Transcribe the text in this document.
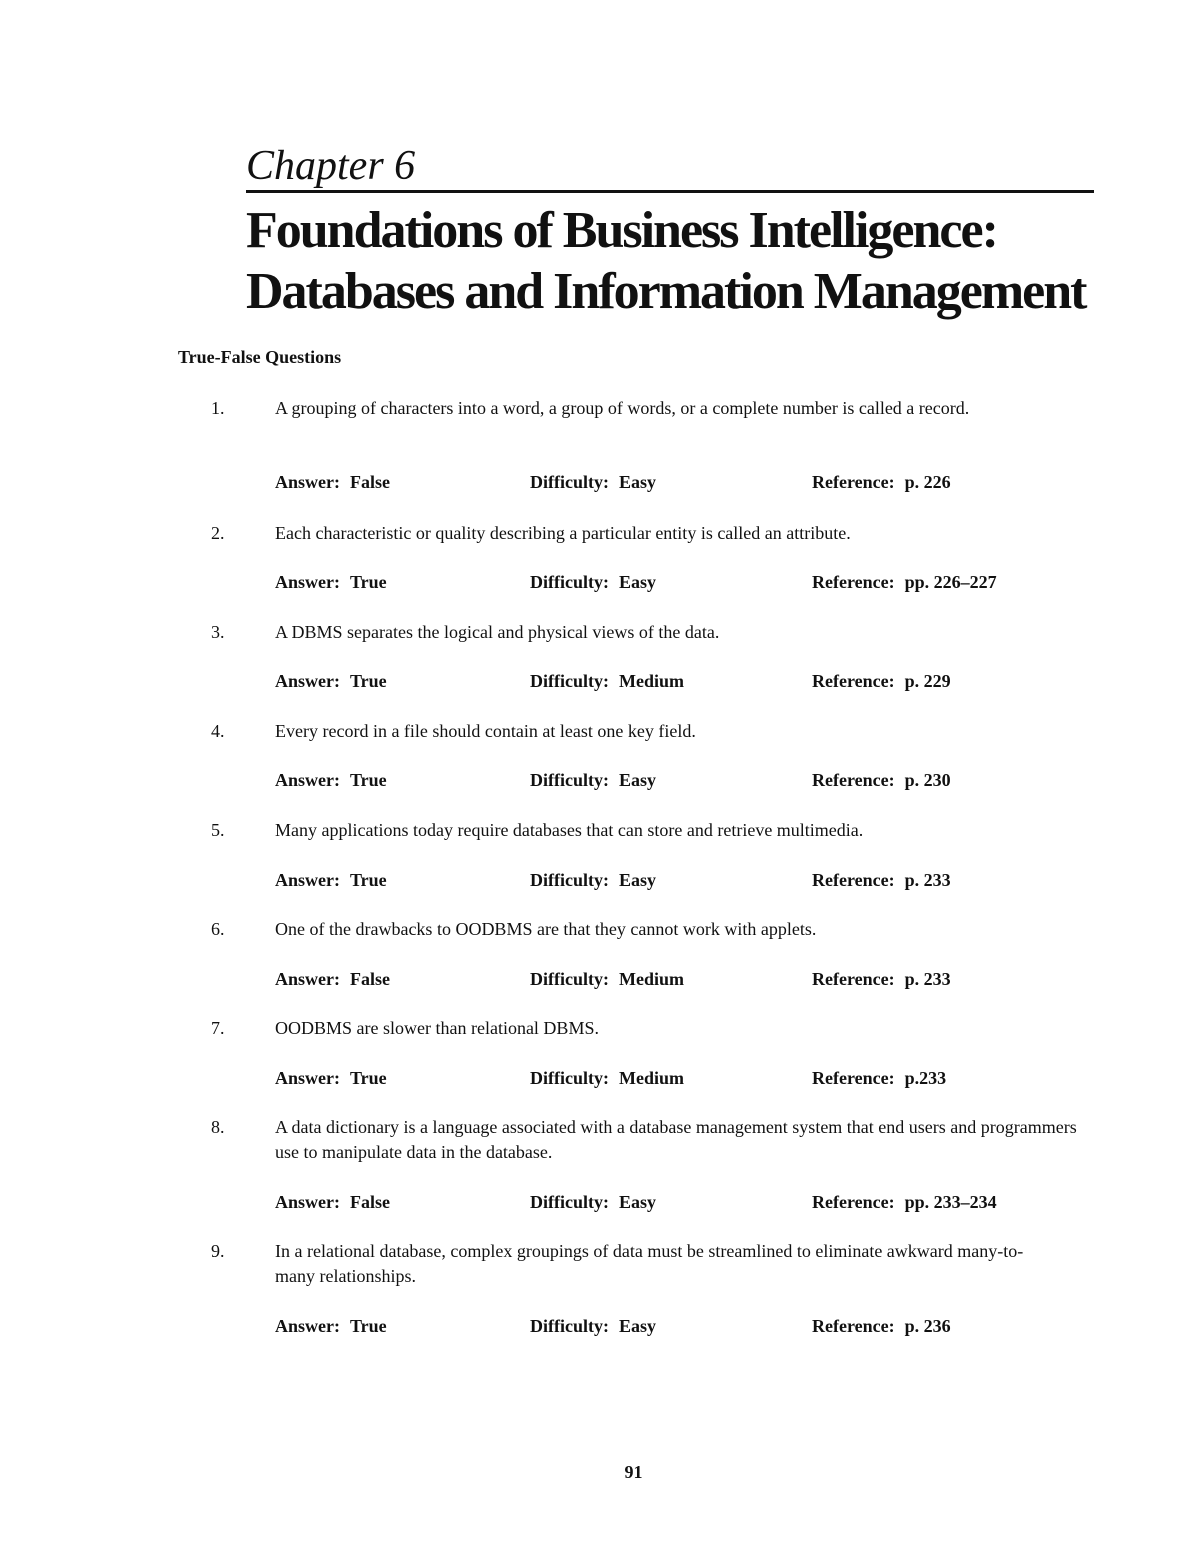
Chapter 6
Foundations of Business Intelligence:
Databases and Information Management
True-False Questions
1.	A grouping of characters into a word, a group of words, or a complete number is called a record.
Answer: False	Difficulty: Easy	Reference: p. 226
2.	Each characteristic or quality describing a particular entity is called an attribute.
Answer: True	Difficulty: Easy	Reference: pp. 226–227
3.	A DBMS separates the logical and physical views of the data.
Answer: True	Difficulty: Medium	Reference: p. 229
4.	Every record in a file should contain at least one key field.
Answer: True	Difficulty: Easy	Reference: p. 230
5.	Many applications today require databases that can store and retrieve multimedia.
Answer: True	Difficulty: Easy	Reference: p. 233
6.	One of the drawbacks to OODBMS are that they cannot work with applets.
Answer: False	Difficulty: Medium	Reference: p. 233
7.	OODBMS are slower than relational DBMS.
Answer: True	Difficulty: Medium	Reference: p.233
8.	A data dictionary is a language associated with a database management system that end users and programmers use to manipulate data in the database.
Answer: False	Difficulty: Easy	Reference: pp. 233–234
9.	In a relational database, complex groupings of data must be streamlined to eliminate awkward many-to-many relationships.
Answer: True	Difficulty: Easy	Reference: p. 236
91
